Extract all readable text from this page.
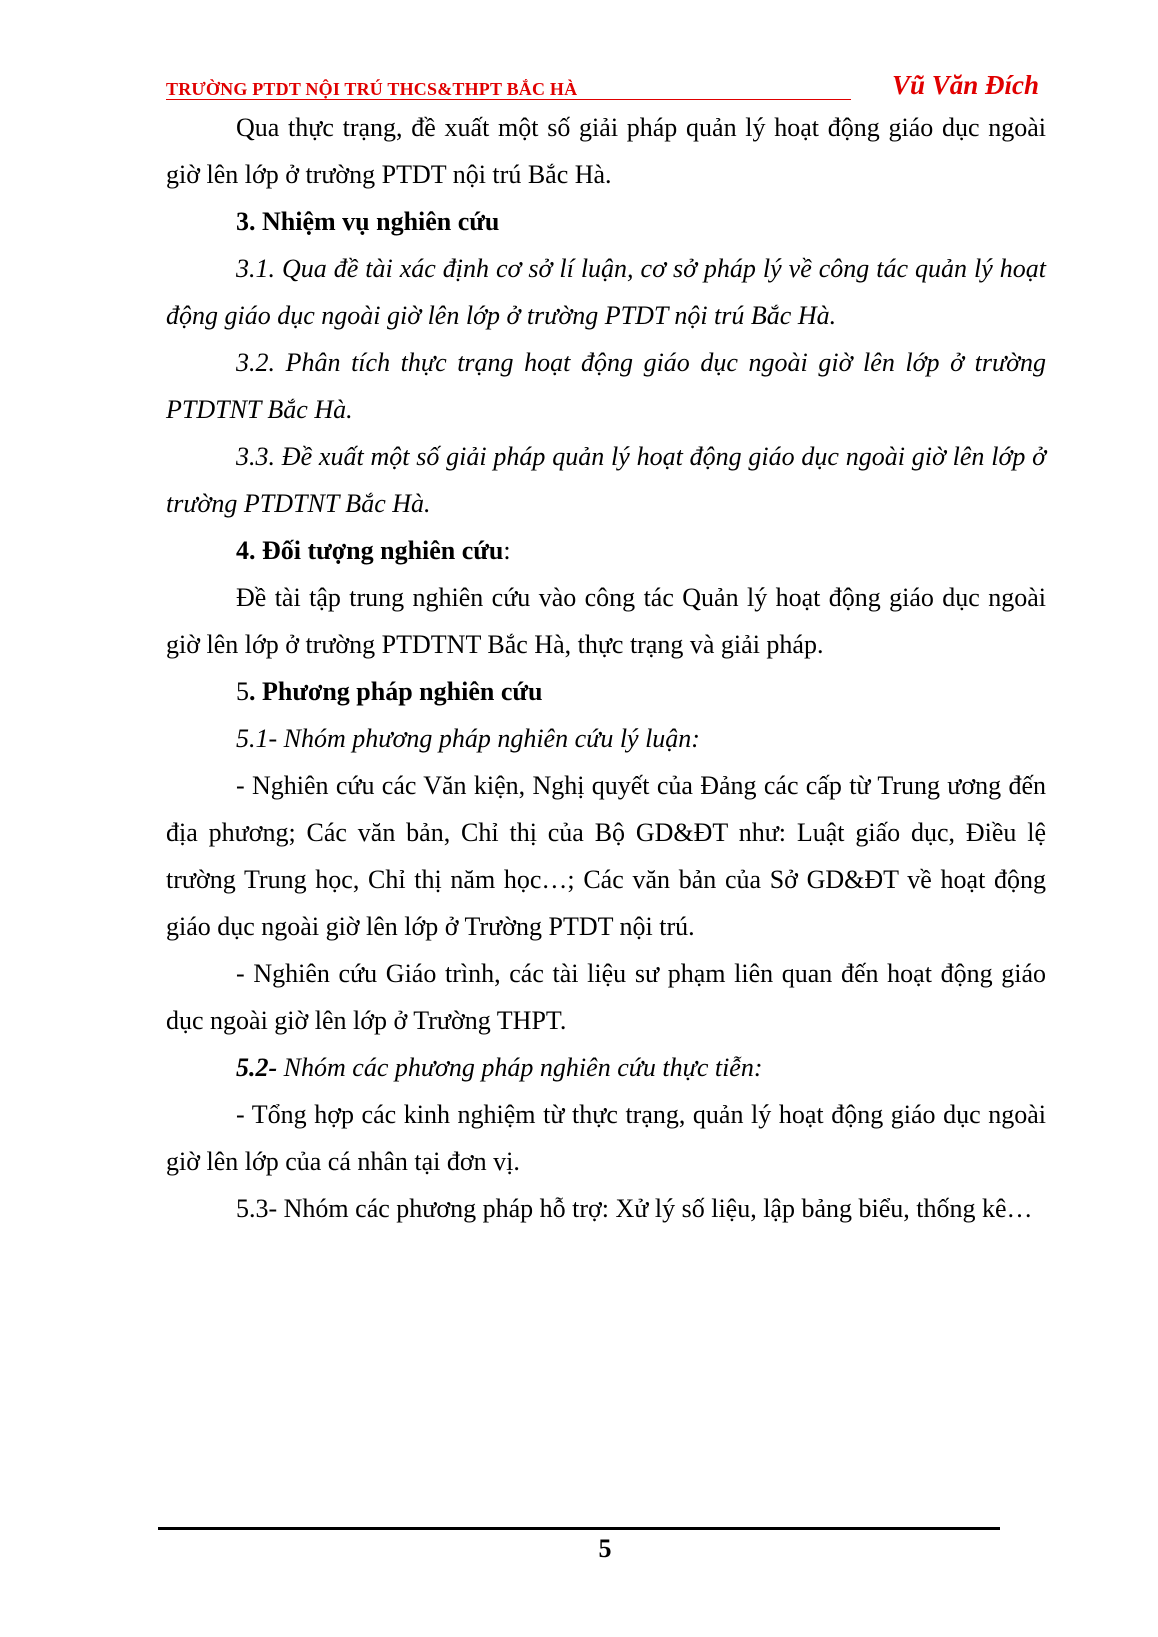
TRƯỜNG PTDT NỘI TRÚ THCS&THPT BẮC HÀ	Vũ Văn Đích

Qua thực trạng, đề xuất một số giải pháp quản lý hoạt động giáo dục ngoài giờ lên lớp ở trường PTDT nội trú Bắc Hà.

3. Nhiệm vụ nghiên cứu

3.1. Qua đề tài xác định cơ sở lí luận, cơ sở pháp lý về công tác quản lý hoạt động giáo dục ngoài giờ lên lớp ở trường PTDT nội trú Bắc Hà.

3.2. Phân tích thực trạng hoạt động giáo dục ngoài giờ lên lớp ở trường PTDTNT Bắc Hà.

3.3. Đề xuất một số giải pháp quản lý hoạt động giáo dục ngoài giờ lên lớp ở trường PTDTNT Bắc Hà.

4. Đối tượng nghiên cứu:

Đề tài tập trung nghiên cứu vào công tác Quản lý hoạt động giáo dục ngoài giờ lên lớp ở trường PTDTNT Bắc Hà, thực trạng và giải pháp.

5. Phương pháp nghiên cứu

5.1- Nhóm phương pháp nghiên cứu lý luận:

- Nghiên cứu các Văn kiện, Nghị quyết của Đảng các cấp từ Trung ương đến địa phương; Các văn bản, Chỉ thị của Bộ GD&ĐT như: Luật giấo dục, Điều lệ trường Trung học, Chỉ thị năm học…; Các văn bản của Sở GD&ĐT về hoạt động giáo dục ngoài giờ lên lớp ở Trường PTDT nội trú.

- Nghiên cứu Giáo trình, các tài liệu sư phạm liên quan đến hoạt động giáo dục ngoài giờ lên lớp ở Trường THPT.

5.2- Nhóm các phương pháp nghiên cứu thực tiễn:

- Tổng hợp các kinh nghiệm từ thực trạng, quản lý hoạt động giáo dục ngoài giờ lên lớp của cá nhân tại đơn vị.

5.3- Nhóm các phương pháp hỗ trợ: Xử lý số liệu, lập bảng biểu, thống kê…

5
